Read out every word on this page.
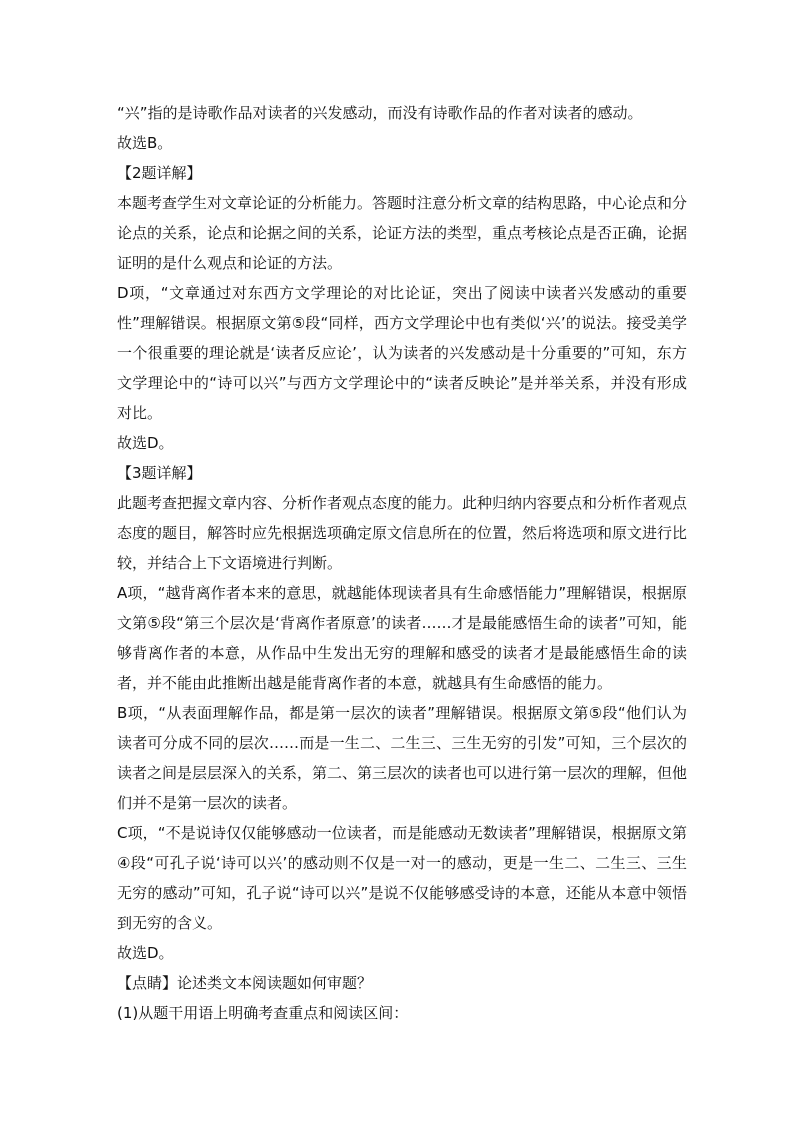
“兴”指的是诗歌作品对读者的兴发感动，而没有诗歌作品的作者对读者的感动。

故选B。

【2题详解】

本题考查学生对文章论证的分析能力。答题时注意分析文章的结构思路，中心论点和分论点的关系，论点和论据之间的关系，论证方法的类型，重点考核论点是否正确，论据证明的是什么观点和论证的方法。

D项，“文章通过对东西方文学理论的对比论证，突出了阅读中读者兴发感动的重要性”理解错误。根据原文第⑤段“同样，西方文学理论中也有类似‘兴’的说法。接受美学一个很重要的理论就是‘读者反应论’，认为读者的兴发感动是十分重要的”可知，东方文学理论中的“诗可以兴”与西方文学理论中的“读者反映论”是并举关系，并没有形成对比。

故选D。

【3题详解】

此题考查把握文章内容、分析作者观点态度的能力。此种归纳内容要点和分析作者观点态度的题目，解答时应先根据选项确定原文信息所在的位置，然后将选项和原文进行比较，并结合上下文语境进行判断。

A项，“越背离作者本来的意思，就越能体现读者具有生命感悟能力”理解错误，根据原文第⑤段“第三个层次是‘背离作者原意’的读者……才是最能感悟生命的读者”可知，能够背离作者的本意，从作品中生发出无穷的理解和感受的读者才是最能感悟生命的读者，并不能由此推断出越是能背离作者的本意，就越具有生命感悟的能力。

B项，“从表面理解作品，都是第一层次的读者”理解错误。根据原文第⑤段“他们认为读者可分成不同的层次……而是一生二、二生三、三生无穷的引发”可知，三个层次的读者之间是层层深入的关系，第二、第三层次的读者也可以进行第一层次的理解，但他们并不是第一层次的读者。

C项，“不是说诗仅仅能够感动一位读者，而是能感动无数读者”理解错误，根据原文第④段“可孔子说‘诗可以兴’的感动则不仅是一对一的感动，更是一生二、二生三、三生无穷的感动”可知，孔子说“诗可以兴”是说不仅能够感受诗的本意，还能从本意中领悟到无穷的含义。

故选D。

【点睛】论述类文本阅读题如何审题？

(1)从题干用语上明确考查重点和阅读区间：
